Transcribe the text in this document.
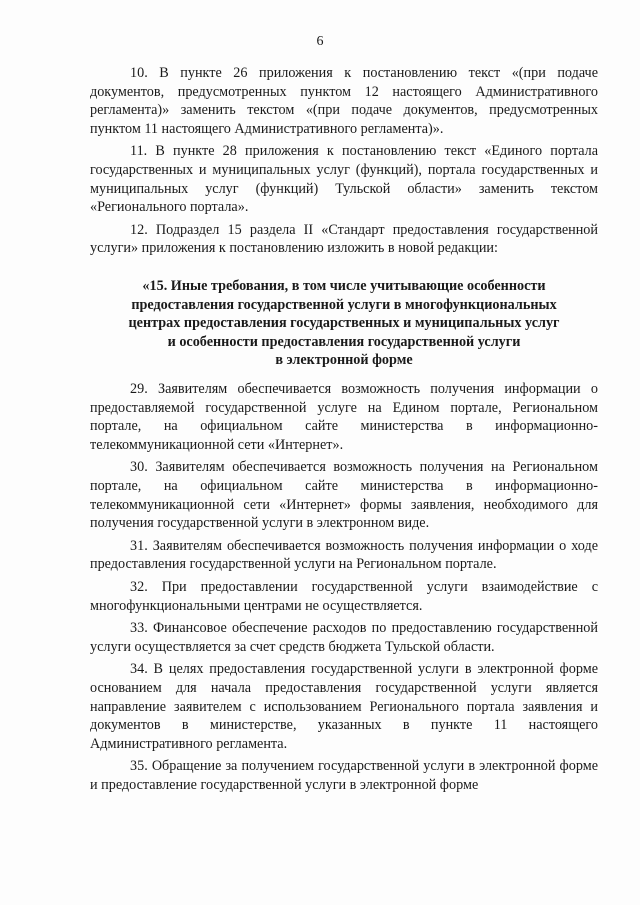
6

10. В пункте 26 приложения к постановлению текст «(при подаче документов, предусмотренных пунктом 12 настоящего Административного регламента)» заменить текстом «(при подаче документов, предусмотренных пунктом 11 настоящего Административного регламента)».

11. В пункте 28 приложения к постановлению текст «Единого портала государственных и муниципальных услуг (функций), портала государственных и муниципальных услуг (функций) Тульской области» заменить текстом «Регионального портала».

12. Подраздел 15 раздела II «Стандарт предоставления государственной услуги» приложения к постановлению изложить в новой редакции:

«15. Иные требования, в том числе учитывающие особенности
предоставления государственной услуги в многофункциональных
центрах предоставления государственных и муниципальных услуг
и особенности предоставления государственной услуги
в электронной форме

29. Заявителям обеспечивается возможность получения информации о предоставляемой государственной услуге на Едином портале, Региональном портале, на официальном сайте министерства в информационно-телекоммуникационной сети «Интернет».

30. Заявителям обеспечивается возможность получения на Региональном портале, на официальном сайте министерства в информационно-телекоммуникационной сети «Интернет» формы заявления, необходимого для получения государственной услуги в электронном виде.

31. Заявителям обеспечивается возможность получения информации о ходе предоставления государственной услуги на Региональном портале.

32. При предоставлении государственной услуги взаимодействие с многофункциональными центрами не осуществляется.

33. Финансовое обеспечение расходов по предоставлению государственной услуги осуществляется за счет средств бюджета Тульской области.

34. В целях предоставления государственной услуги в электронной форме основанием для начала предоставления государственной услуги является направление заявителем с использованием Регионального портала заявления и документов в министерстве, указанных в пункте 11 настоящего Административного регламента.

35. Обращение за получением государственной услуги в электронной форме и предоставление государственной услуги в электронной форме
